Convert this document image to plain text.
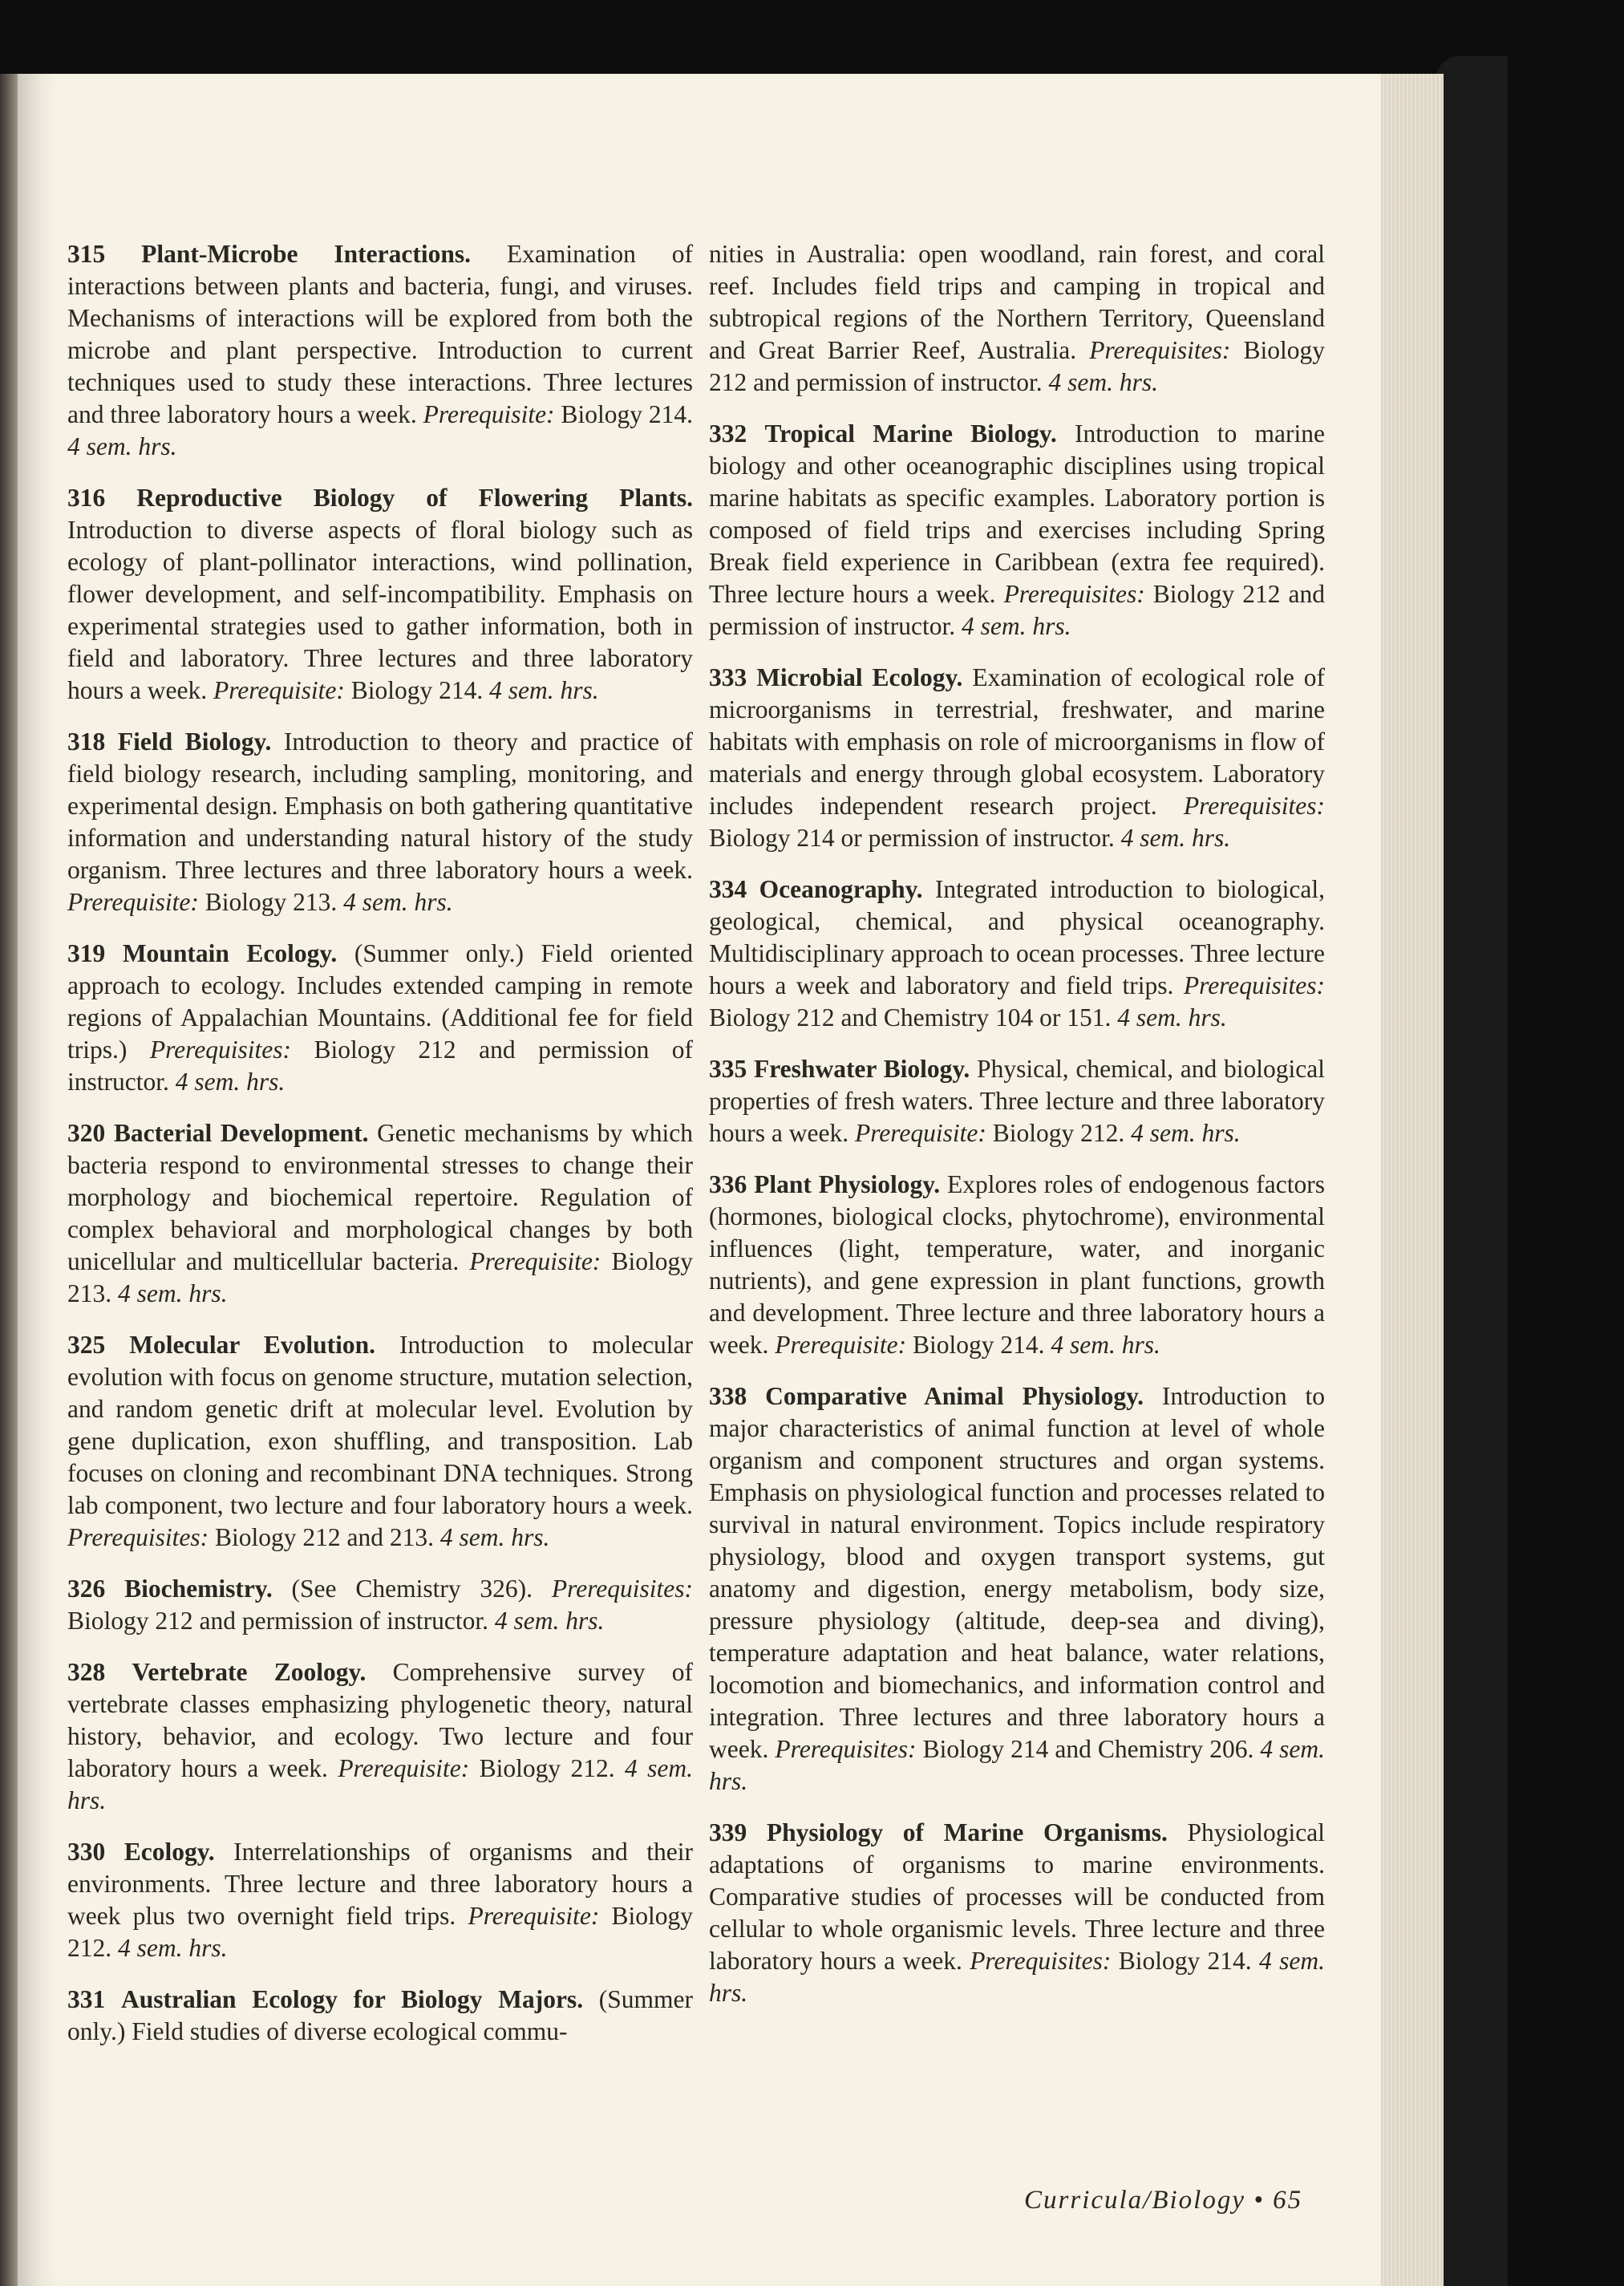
315 Plant-Microbe Interactions. Examination of interactions between plants and bacteria, fungi, and viruses. Mechanisms of interactions will be explored from both the microbe and plant perspective. Introduction to current techniques used to study these interactions. Three lectures and three laboratory hours a week. Prerequisite: Biology 214. 4 sem. hrs.

316 Reproductive Biology of Flowering Plants. Introduction to diverse aspects of floral biology such as ecology of plant-pollinator interactions, wind pollination, flower development, and self-incompatibility. Emphasis on experimental strategies used to gather information, both in field and laboratory. Three lectures and three laboratory hours a week. Prerequisite: Biology 214. 4 sem. hrs.

318 Field Biology. Introduction to theory and practice of field biology research, including sampling, monitoring, and experimental design. Emphasis on both gathering quantitative information and understanding natural history of the study organism. Three lectures and three laboratory hours a week. Prerequisite: Biology 213. 4 sem. hrs.

319 Mountain Ecology. (Summer only.) Field oriented approach to ecology. Includes extended camping in remote regions of Appalachian Mountains. (Additional fee for field trips.) Prerequisites: Biology 212 and permission of instructor. 4 sem. hrs.

320 Bacterial Development. Genetic mechanisms by which bacteria respond to environmental stresses to change their morphology and biochemical repertoire. Regulation of complex behavioral and morphological changes by both unicellular and multicellular bacteria. Prerequisite: Biology 213. 4 sem. hrs.

325 Molecular Evolution. Introduction to molecular evolution with focus on genome structure, mutation selection, and random genetic drift at molecular level. Evolution by gene duplication, exon shuffling, and transposition. Lab focuses on cloning and recombinant DNA techniques. Strong lab component, two lecture and four laboratory hours a week. Prerequisites: Biology 212 and 213. 4 sem. hrs.

326 Biochemistry. (See Chemistry 326). Prerequisites: Biology 212 and permission of instructor. 4 sem. hrs.

328 Vertebrate Zoology. Comprehensive survey of vertebrate classes emphasizing phylogenetic theory, natural history, behavior, and ecology. Two lecture and four laboratory hours a week. Prerequisite: Biology 212. 4 sem. hrs.

330 Ecology. Interrelationships of organisms and their environments. Three lecture and three laboratory hours a week plus two overnight field trips. Prerequisite: Biology 212. 4 sem. hrs.

331 Australian Ecology for Biology Majors. (Summer only.) Field studies of diverse ecological commu-

nities in Australia: open woodland, rain forest, and coral reef. Includes field trips and camping in tropical and subtropical regions of the Northern Territory, Queensland and Great Barrier Reef, Australia. Prerequisites: Biology 212 and permission of instructor. 4 sem. hrs.

332 Tropical Marine Biology. Introduction to marine biology and other oceanographic disciplines using tropical marine habitats as specific examples. Laboratory portion is composed of field trips and exercises including Spring Break field experience in Caribbean (extra fee required). Three lecture hours a week. Prerequisites: Biology 212 and permission of instructor. 4 sem. hrs.

333 Microbial Ecology. Examination of ecological role of microorganisms in terrestrial, freshwater, and marine habitats with emphasis on role of microorganisms in flow of materials and energy through global ecosystem. Laboratory includes independent research project. Prerequisites: Biology 214 or permission of instructor. 4 sem. hrs.

334 Oceanography. Integrated introduction to biological, geological, chemical, and physical oceanography. Multidisciplinary approach to ocean processes. Three lecture hours a week and laboratory and field trips. Prerequisites: Biology 212 and Chemistry 104 or 151. 4 sem. hrs.

335 Freshwater Biology. Physical, chemical, and biological properties of fresh waters. Three lecture and three laboratory hours a week. Prerequisite: Biology 212. 4 sem. hrs.

336 Plant Physiology. Explores roles of endogenous factors (hormones, biological clocks, phytochrome), environmental influences (light, temperature, water, and inorganic nutrients), and gene expression in plant functions, growth and development. Three lecture and three laboratory hours a week. Prerequisite: Biology 214. 4 sem. hrs.

338 Comparative Animal Physiology. Introduction to major characteristics of animal function at level of whole organism and component structures and organ systems. Emphasis on physiological function and processes related to survival in natural environment. Topics include respiratory physiology, blood and oxygen transport systems, gut anatomy and digestion, energy metabolism, body size, pressure physiology (altitude, deep-sea and diving), temperature adaptation and heat balance, water relations, locomotion and biomechanics, and information control and integration. Three lectures and three laboratory hours a week. Prerequisites: Biology 214 and Chemistry 206. 4 sem. hrs.

339 Physiology of Marine Organisms. Physiological adaptations of organisms to marine environments. Comparative studies of processes will be conducted from cellular to whole organismic levels. Three lecture and three laboratory hours a week. Prerequisites: Biology 214. 4 sem. hrs.

Curricula/Biology • 65
